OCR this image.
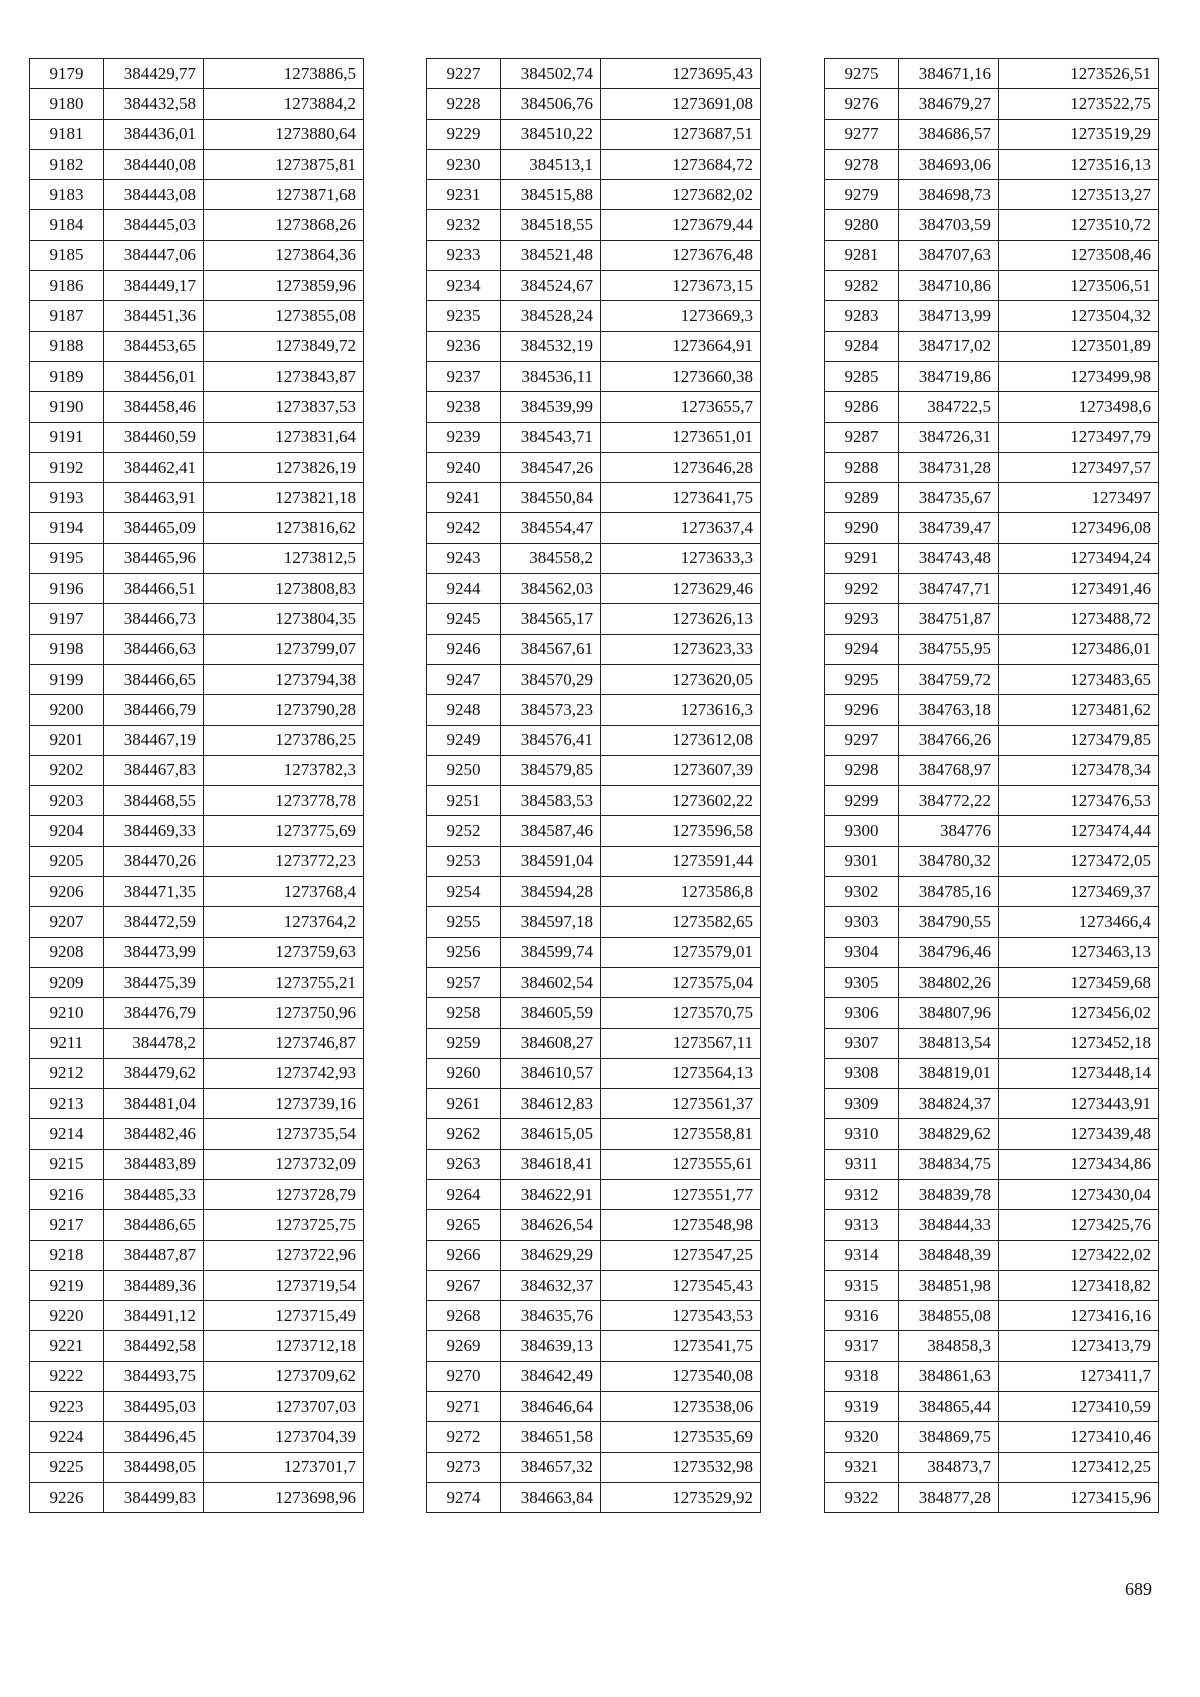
9179	384429,77	1273886,5
9180	384432,58	1273884,2
9181	384436,01	1273880,64
9182	384440,08	1273875,81
9183	384443,08	1273871,68
9184	384445,03	1273868,26
9185	384447,06	1273864,36
9186	384449,17	1273859,96
9187	384451,36	1273855,08
9188	384453,65	1273849,72
9189	384456,01	1273843,87
9190	384458,46	1273837,53
9191	384460,59	1273831,64
9192	384462,41	1273826,19
9193	384463,91	1273821,18
9194	384465,09	1273816,62
9195	384465,96	1273812,5
9196	384466,51	1273808,83
9197	384466,73	1273804,35
9198	384466,63	1273799,07
9199	384466,65	1273794,38
9200	384466,79	1273790,28
9201	384467,19	1273786,25
9202	384467,83	1273782,3
9203	384468,55	1273778,78
9204	384469,33	1273775,69
9205	384470,26	1273772,23
9206	384471,35	1273768,4
9207	384472,59	1273764,2
9208	384473,99	1273759,63
9209	384475,39	1273755,21
9210	384476,79	1273750,96
9211	384478,2	1273746,87
9212	384479,62	1273742,93
9213	384481,04	1273739,16
9214	384482,46	1273735,54
9215	384483,89	1273732,09
9216	384485,33	1273728,79
9217	384486,65	1273725,75
9218	384487,87	1273722,96
9219	384489,36	1273719,54
9220	384491,12	1273715,49
9221	384492,58	1273712,18
9222	384493,75	1273709,62
9223	384495,03	1273707,03
9224	384496,45	1273704,39
9225	384498,05	1273701,7
9226	384499,83	1273698,96
9227	384502,74	1273695,43
9228	384506,76	1273691,08
9229	384510,22	1273687,51
9230	384513,1	1273684,72
9231	384515,88	1273682,02
9232	384518,55	1273679,44
9233	384521,48	1273676,48
9234	384524,67	1273673,15
9235	384528,24	1273669,3
9236	384532,19	1273664,91
9237	384536,11	1273660,38
9238	384539,99	1273655,7
9239	384543,71	1273651,01
9240	384547,26	1273646,28
9241	384550,84	1273641,75
9242	384554,47	1273637,4
9243	384558,2	1273633,3
9244	384562,03	1273629,46
9245	384565,17	1273626,13
9246	384567,61	1273623,33
9247	384570,29	1273620,05
9248	384573,23	1273616,3
9249	384576,41	1273612,08
9250	384579,85	1273607,39
9251	384583,53	1273602,22
9252	384587,46	1273596,58
9253	384591,04	1273591,44
9254	384594,28	1273586,8
9255	384597,18	1273582,65
9256	384599,74	1273579,01
9257	384602,54	1273575,04
9258	384605,59	1273570,75
9259	384608,27	1273567,11
9260	384610,57	1273564,13
9261	384612,83	1273561,37
9262	384615,05	1273558,81
9263	384618,41	1273555,61
9264	384622,91	1273551,77
9265	384626,54	1273548,98
9266	384629,29	1273547,25
9267	384632,37	1273545,43
9268	384635,76	1273543,53
9269	384639,13	1273541,75
9270	384642,49	1273540,08
9271	384646,64	1273538,06
9272	384651,58	1273535,69
9273	384657,32	1273532,98
9274	384663,84	1273529,92
9275	384671,16	1273526,51
9276	384679,27	1273522,75
9277	384686,57	1273519,29
9278	384693,06	1273516,13
9279	384698,73	1273513,27
9280	384703,59	1273510,72
9281	384707,63	1273508,46
9282	384710,86	1273506,51
9283	384713,99	1273504,32
9284	384717,02	1273501,89
9285	384719,86	1273499,98
9286	384722,5	1273498,6
9287	384726,31	1273497,79
9288	384731,28	1273497,57
9289	384735,67	1273497
9290	384739,47	1273496,08
9291	384743,48	1273494,24
9292	384747,71	1273491,46
9293	384751,87	1273488,72
9294	384755,95	1273486,01
9295	384759,72	1273483,65
9296	384763,18	1273481,62
9297	384766,26	1273479,85
9298	384768,97	1273478,34
9299	384772,22	1273476,53
9300	384776	1273474,44
9301	384780,32	1273472,05
9302	384785,16	1273469,37
9303	384790,55	1273466,4
9304	384796,46	1273463,13
9305	384802,26	1273459,68
9306	384807,96	1273456,02
9307	384813,54	1273452,18
9308	384819,01	1273448,14
9309	384824,37	1273443,91
9310	384829,62	1273439,48
9311	384834,75	1273434,86
9312	384839,78	1273430,04
9313	384844,33	1273425,76
9314	384848,39	1273422,02
9315	384851,98	1273418,82
9316	384855,08	1273416,16
9317	384858,3	1273413,79
9318	384861,63	1273411,7
9319	384865,44	1273410,59
9320	384869,75	1273410,46
9321	384873,7	1273412,25
9322	384877,28	1273415,96
689
